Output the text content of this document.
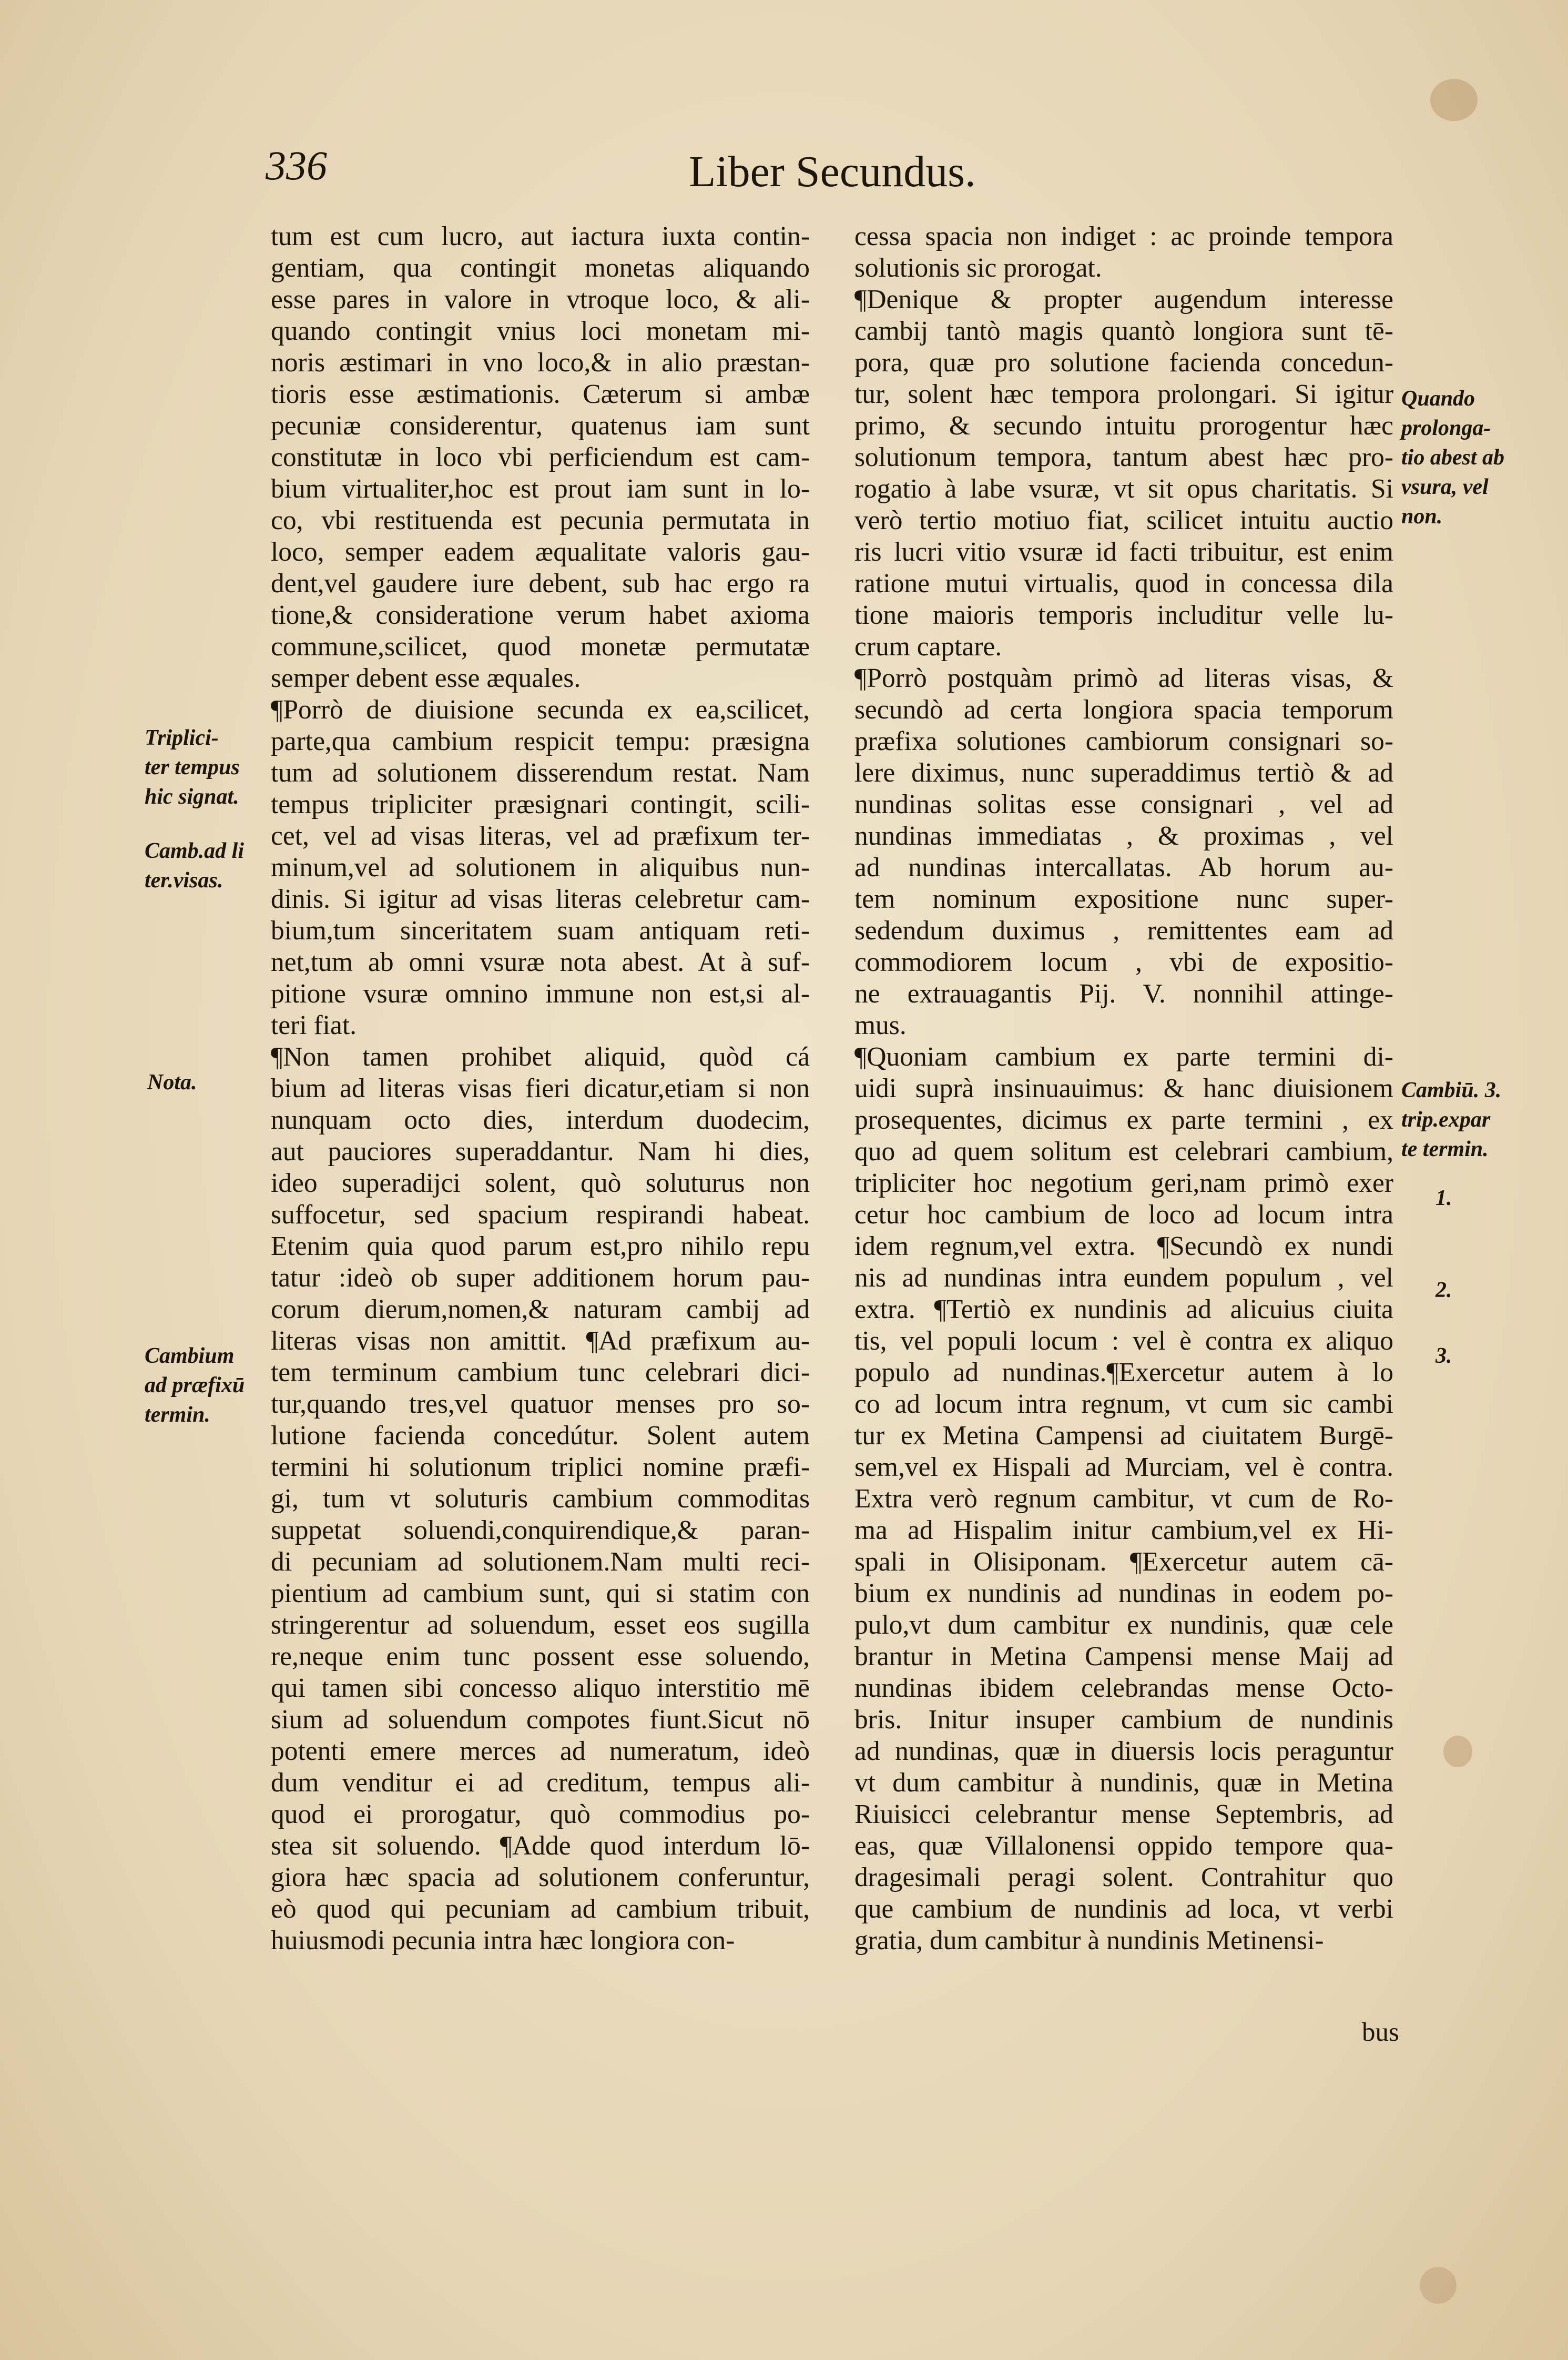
336	Liber Secundus.

tum est cum lucro, aut iactura iuxta contin-

gentiam, qua contingit monetas aliquando

esse pares in valore in vtroque loco, & ali-

quando contingit vnius loci monetam mi-

noris æstimari in vno loco,& in alio præstan-

tioris esse æstimationis. Cæterum si ambæ

pecuniæ considerentur, quatenus iam sunt

constitutæ in loco vbi perficiendum est cam-

bium virtualiter,hoc est prout iam sunt in lo-

co, vbi restituenda est pecunia permutata in

loco, semper eadem æqualitate valoris gau-

dent,vel gaudere iure debent, sub hac ergo ra

tione,& consideratione verum habet axioma

commune,scilicet, quod monetæ permutatæ

semper debent esse æquales.

¶Porrò de diuisione secunda ex ea,scilicet,

parte,qua cambium respicit tempu: præsigna

tum ad solutionem disserendum restat. Nam

tempus tripliciter præsignari contingit, scili-

cet, vel ad visas literas, vel ad præfixum ter-

minum,vel ad solutionem in aliquibus nun-

dinis. Si igitur ad visas literas celebretur cam-

bium,tum sinceritatem suam antiquam reti-

net,tum ab omni vsuræ nota abest. At à suf-

pitione vsuræ omnino immune non est,si al-

teri fiat.

¶Non tamen prohibet aliquid, quòd cá

bium ad literas visas fieri dicatur,etiam si non

nunquam octo dies, interdum duodecim,

aut pauciores superaddantur. Nam hi dies,

ideo superadijci solent, quò soluturus non

suffocetur, sed spacium respirandi habeat.

Etenim quia quod parum est,pro nihilo repu

tatur :ideò ob super additionem horum pau-

corum dierum,nomen,& naturam cambij ad

literas visas non amittit. ¶Ad præfixum au-

tem terminum cambium tunc celebrari dici-

tur,quando tres,vel quatuor menses pro so-

lutione facienda concedútur. Solent autem

termini hi solutionum triplici nomine præfi-

gi, tum vt soluturis cambium commoditas

suppetat soluendi,conquirendique,& paran-

di pecuniam ad solutionem.Nam multi reci-

pientium ad cambium sunt, qui si statim con

stringerentur ad soluendum, esset eos sugilla

re,neque enim tunc possent esse soluendo,

qui tamen sibi concesso aliquo interstitio mē

sium ad soluendum compotes fiunt.Sicut nō

potenti emere merces ad numeratum, ideò

dum venditur ei ad creditum, tempus ali-

quod ei prorogatur, quò commodius po-

stea sit soluendo. ¶Adde quod interdum lō-

giora hæc spacia ad solutionem conferuntur,

eò quod qui pecuniam ad cambium tribuit,

huiusmodi pecunia intra hæc longiora con-

cessa spacia non indiget : ac proinde tempora

solutionis sic prorogat.

¶Denique & propter augendum interesse

cambij tantò magis quantò longiora sunt tē-

pora, quæ pro solutione facienda concedun-

tur, solent hæc tempora prolongari. Si igitur

primo, & secundo intuitu prorogentur hæc

solutionum tempora, tantum abest hæc pro-

rogatio à labe vsuræ, vt sit opus charitatis. Si

verò tertio motiuo fiat, scilicet intuitu auctio

ris lucri vitio vsuræ id facti tribuitur, est enim

ratione mutui virtualis, quod in concessa dila

tione maioris temporis includitur velle lu-

crum captare.

¶Porrò postquàm primò ad literas visas, &

secundò ad certa longiora spacia temporum

præfixa solutiones cambiorum consignari so-

lere diximus, nunc superaddimus tertiò & ad

nundinas solitas esse consignari , vel ad

nundinas immediatas , & proximas , vel

ad nundinas intercallatas. Ab horum au-

tem nominum expositione nunc super-

sedendum duximus , remittentes eam ad

commodiorem locum , vbi de expositio-

ne extrauagantis Pij. V. nonnihil attinge-

mus.

¶Quoniam cambium ex parte termini di-

uidi suprà insinuauimus: & hanc diuisionem

prosequentes, dicimus ex parte termini , ex

quo ad quem solitum est celebrari cambium,

tripliciter hoc negotium geri,nam primò exer

cetur hoc cambium de loco ad locum intra

idem regnum,vel extra. ¶Secundò ex nundi

nis ad nundinas intra eundem populum , vel

extra. ¶Tertiò ex nundinis ad alicuius ciuita

tis, vel populi locum : vel è contra ex aliquo

populo ad nundinas.¶Exercetur autem à lo

co ad locum intra regnum, vt cum sic cambi

tur ex Metina Campensi ad ciuitatem Burgē-

sem,vel ex Hispali ad Murciam, vel è contra.

Extra verò regnum cambitur, vt cum de Ro-

ma ad Hispalim initur cambium,vel ex Hi-

spali in Olisiponam. ¶Exercetur autem cā-

bium ex nundinis ad nundinas in eodem po-

pulo,vt dum cambitur ex nundinis, quæ cele

brantur in Metina Campensi mense Maij ad

nundinas ibidem celebrandas mense Octo-

bris. Initur insuper cambium de nundinis

ad nundinas, quæ in diuersis locis peraguntur

vt dum cambitur à nundinis, quæ in Metina

Riuisicci celebrantur mense Septembris, ad

eas, quæ Villalonensi oppido tempore qua-

dragesimali peragi solent. Contrahitur quo

que cambium de nundinis ad loca, vt verbi

gratia, dum cambitur à nundinis Metinensi-

Triplici-
ter tempus
hic signat.
Camb.ad li
ter.visas.
Nota.
Cambium
ad præfixū
termin.
Quando
prolonga-
tio abest ab
vsura, vel
non.
Cambiū. 3.
trip.expar
te termin.
1.
2.
3.
bus
